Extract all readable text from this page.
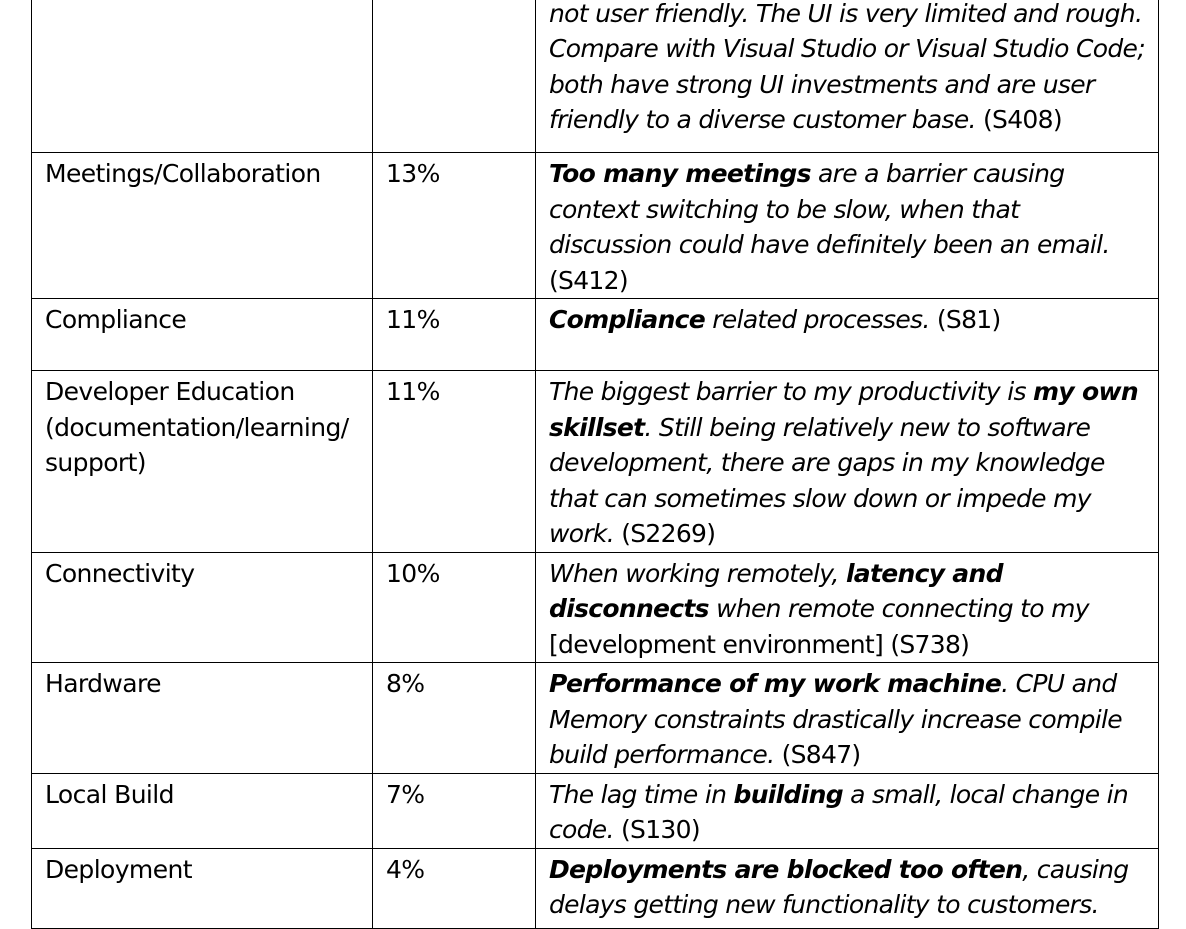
		not user friendly. The UI is very limited and rough. Compare with Visual Studio or Visual Studio Code; both have strong UI investments and are user friendly to a diverse customer base. (S408)
Meetings/Collaboration	13%	Too many meetings are a barrier causing context switching to be slow, when that discussion could have definitely been an email. (S412)
Compliance	11%	Compliance related processes. (S81)
Developer Education (documentation/learning/ support)	11%	The biggest barrier to my productivity is my own skillset. Still being relatively new to software development, there are gaps in my knowledge that can sometimes slow down or impede my work. (S2269)
Connectivity	10%	When working remotely, latency and disconnects when remote connecting to my [development environment] (S738)
Hardware	8%	Performance of my work machine. CPU and Memory constraints drastically increase compile build performance. (S847)
Local Build	7%	The lag time in building a small, local change in code. (S130)
Deployment	4%	Deployments are blocked too often, causing delays getting new functionality to customers.
